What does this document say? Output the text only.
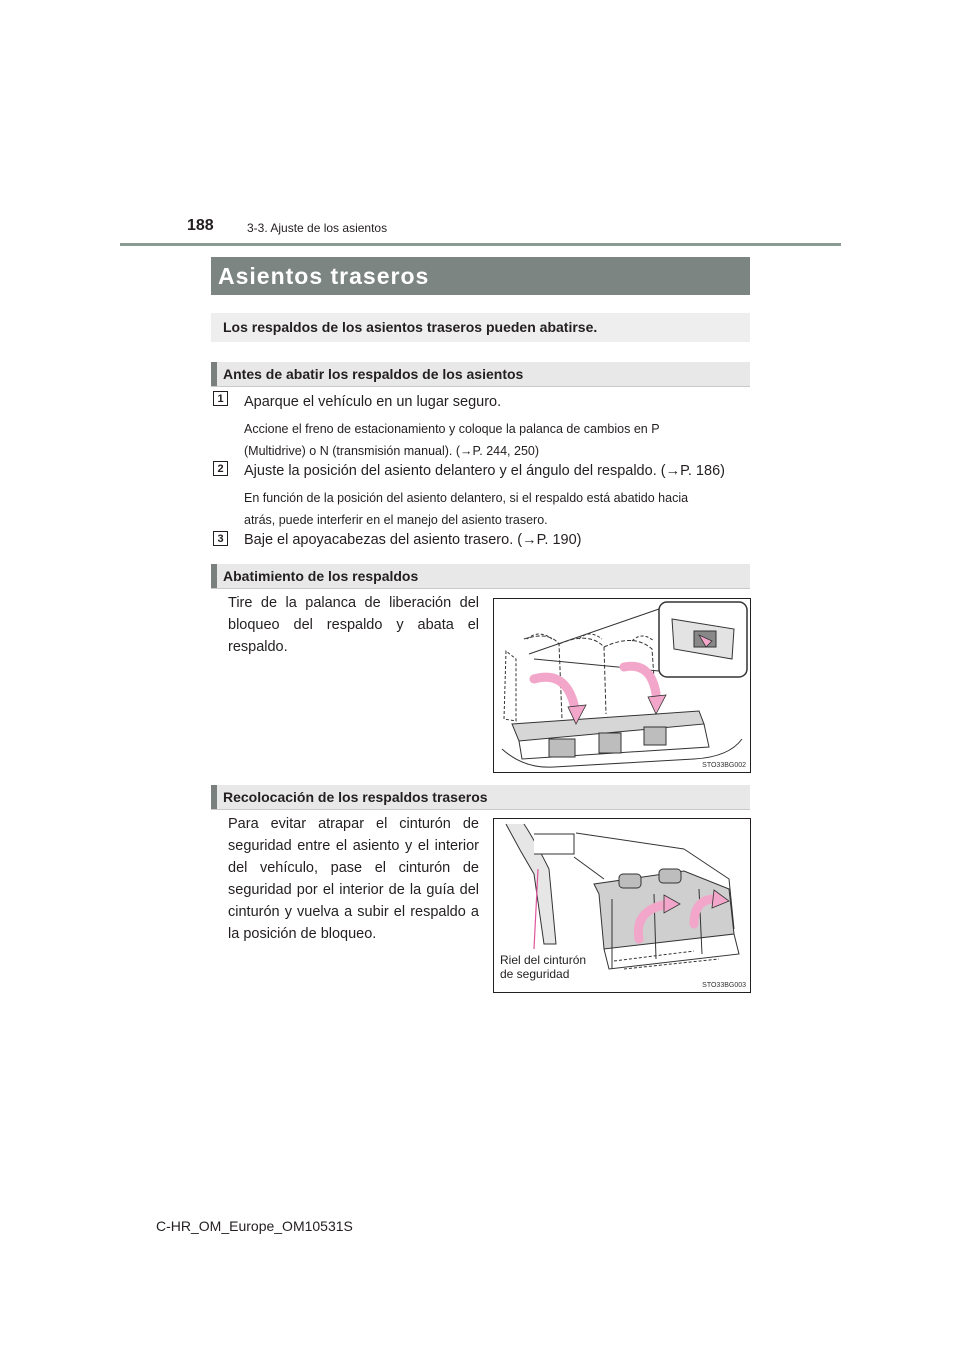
188	3-3. Ajuste de los asientos
Asientos traseros
Los respaldos de los asientos traseros pueden abatirse.
Antes de abatir los respaldos de los asientos
1	Aparque el vehículo en un lugar seguro.
Accione el freno de estacionamiento y coloque la palanca de cambios en P
(Multidrive) o N (transmisión manual). (→P. 244, 250)
2	Ajuste la posición del asiento delantero y el ángulo del respaldo. (→P. 186)
En función de la posición del asiento delantero, si el respaldo está abatido hacia
atrás, puede interferir en el manejo del asiento trasero.
3	Baje el apoyacabezas del asiento trasero. (→P. 190)
Abatimiento de los respaldos
Tire de la palanca de liberación del bloqueo del respaldo y abata el respaldo.
STO33BG002
Recolocación de los respaldos traseros
Para evitar atrapar el cinturón de seguridad entre el asiento y el interior del vehículo, pase el cinturón de seguridad por el interior de la guía del cinturón y vuelva a subir el respaldo a la posición de bloqueo.
Riel del cinturón
de seguridad
STO33BG003
C-HR_OM_Europe_OM10531S
